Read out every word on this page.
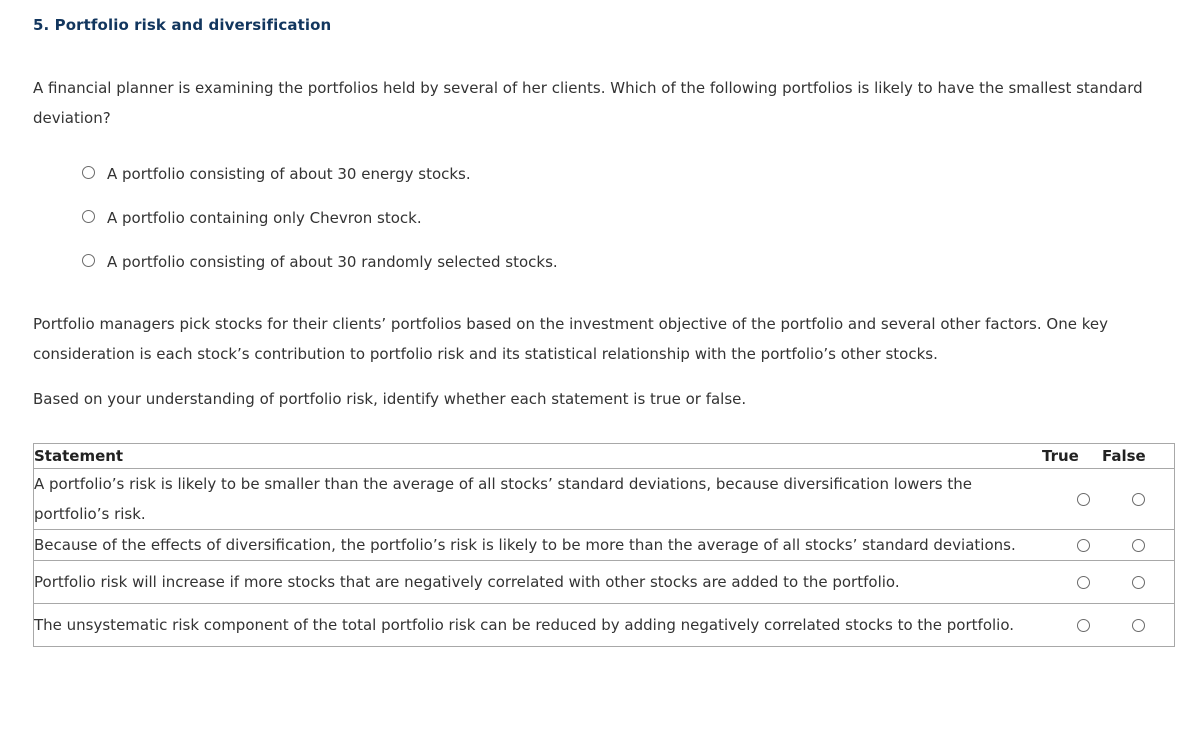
5. Portfolio risk and diversification
A financial planner is examining the portfolios held by several of her clients. Which of the following portfolios is likely to have the smallest standard deviation?
A portfolio consisting of about 30 energy stocks.
A portfolio containing only Chevron stock.
A portfolio consisting of about 30 randomly selected stocks.
Portfolio managers pick stocks for their clients’ portfolios based on the investment objective of the portfolio and several other factors. One key consideration is each stock’s contribution to portfolio risk and its statistical relationship with the portfolio’s other stocks.
Based on your understanding of portfolio risk, identify whether each statement is true or false.
Statement	True	False
A portfolio’s risk is likely to be smaller than the average of all stocks’ standard deviations, because diversification lowers the portfolio’s risk.		
Because of the effects of diversification, the portfolio’s risk is likely to be more than the average of all stocks’ standard deviations.		
Portfolio risk will increase if more stocks that are negatively correlated with other stocks are added to the portfolio.		
The unsystematic risk component of the total portfolio risk can be reduced by adding negatively correlated stocks to the portfolio.		
